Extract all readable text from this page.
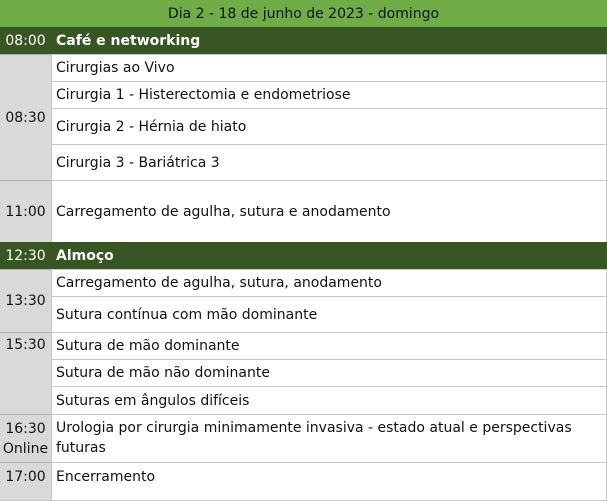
Dia 2 - 18 de junho de 2023 - domingo
08:00 Café e networking
08:30
Cirurgias ao Vivo
Cirurgia 1 - Histerectomia e endometriose
Cirurgia 2 - Hérnia de hiato
Cirurgia 3 - Bariátrica 3
11:00 Carregamento de agulha, sutura e anodamento
12:30 Almoço
13:30
Carregamento de agulha, sutura, anodamento
Sutura contínua com mão dominante
15:30 Sutura de mão dominante
Sutura de mão não dominante
Suturas em ângulos difíceis
16:30
Online
Urologia por cirurgia minimamente invasiva - estado atual e perspectivas futuras
17:00 Encerramento
